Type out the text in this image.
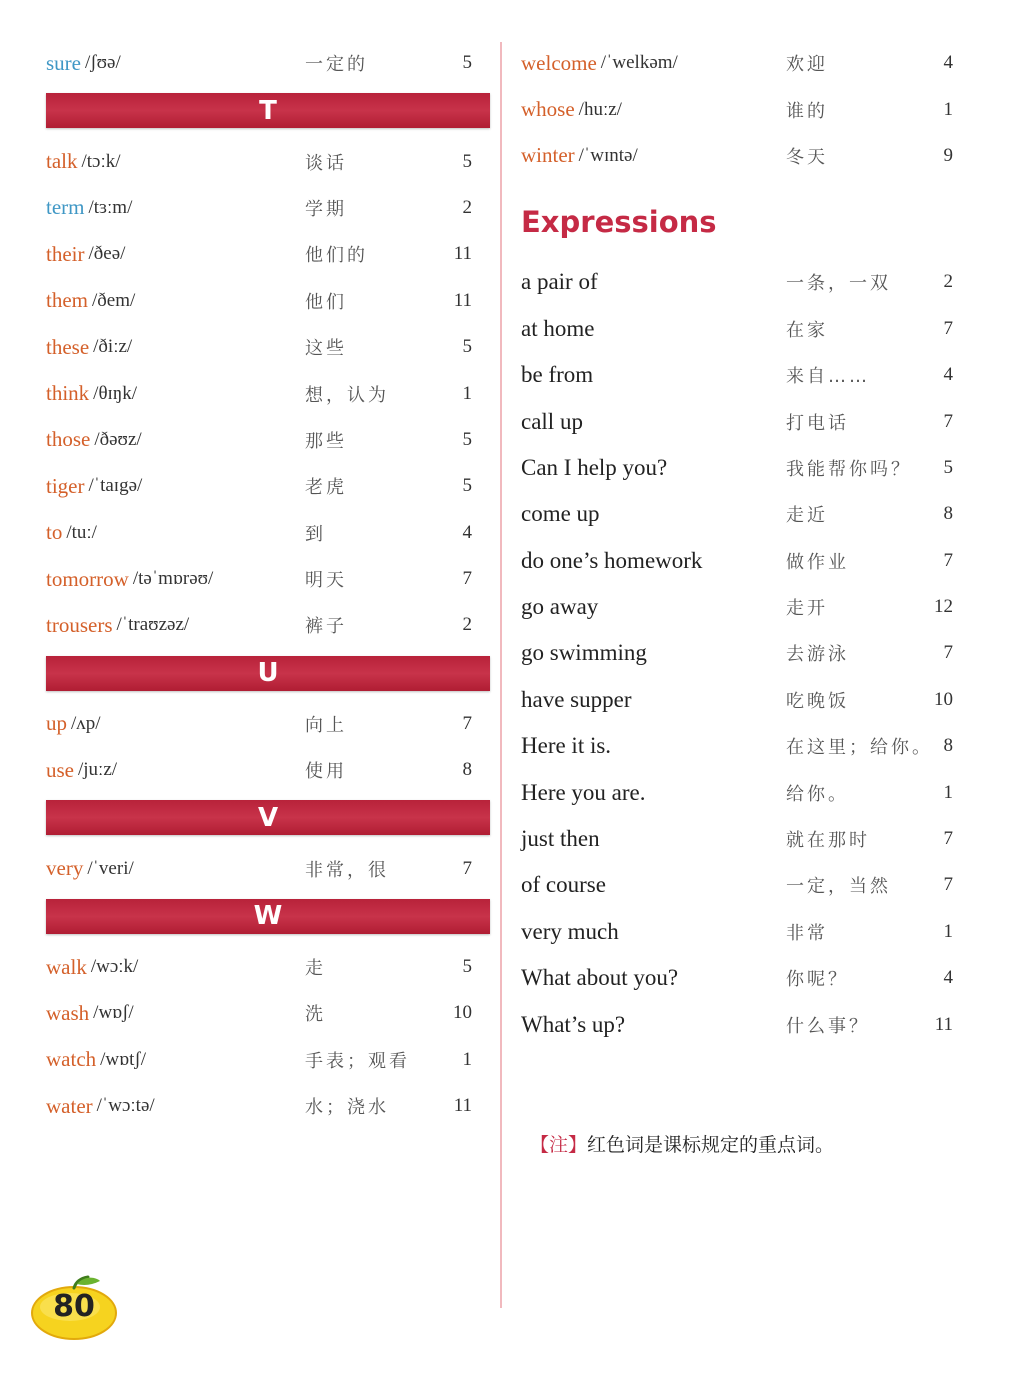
sure /ʃʊə/	一定的	5
T
talk /tɔːk/	谈话	5
term /tɜːm/	学期	2
their /ðeə/	他们的	11
them /ðem/	他们	11
these /ðiːz/	这些	5
think /θɪŋk/	想，认为	1
those /ðəʊz/	那些	5
tiger /ˈtaɪgə/	老虎	5
to /tuː/	到	4
tomorrow /təˈmɒrəʊ/	明天	7
trousers /ˈtraʊzəz/	裤子	2
U
up /ʌp/	向上	7
use /juːz/	使用	8
V
very /ˈveri/	非常，很	7
W
walk /wɔːk/	走	5
wash /wɒʃ/	洗	10
watch /wɒtʃ/	手表；观看	1
water /ˈwɔːtə/	水；浇水	11
welcome /ˈwelkəm/	欢迎	4
whose /huːz/	谁的	1
winter /ˈwɪntə/	冬天	9
Expressions
a pair of	一条，一双	2
at home	在家	7
be from	来自……	4
call up	打电话	7
Can I help you?	我能帮你吗？ 5
come up	走近	8
do one’s homework	做作业	7
go away	走开	12
go swimming	去游泳	7
have supper	吃晚饭	10
Here it is.	在这里；给你。 8
Here you are.	给你。	1
just then	就在那时	7
of course	一定，当然	7
very much	非常	1
What about you?	你呢？	4
What’s up?	什么事？	11
【注】红色词是课标规定的重点词。
80
